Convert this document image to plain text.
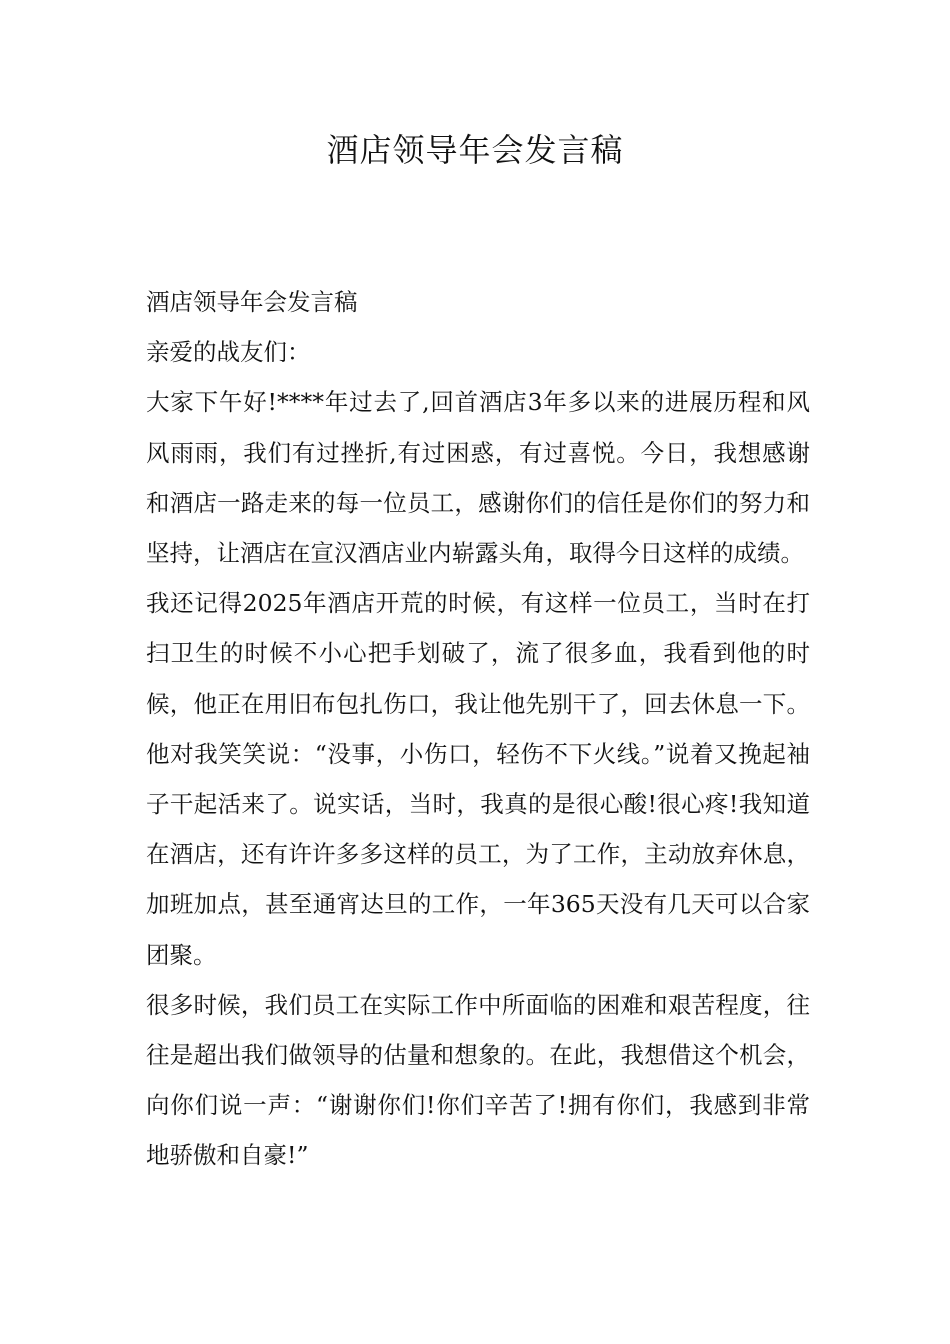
酒店领导年会发言稿

酒店领导年会发言稿

亲爱的战友们：

大家下午好!****年过去了,回首酒店3年多以来的进展历程和风风雨雨，我们有过挫折,有过困惑，有过喜悦。今日，我想感谢和酒店一路走来的每一位员工，感谢你们的信任是你们的努力和坚持，让酒店在宣汉酒店业内崭露头角，取得今日这样的成绩。

我还记得2025年酒店开荒的时候，有这样一位员工，当时在打扫卫生的时候不小心把手划破了，流了很多血，我看到他的时候，他正在用旧布包扎伤口，我让他先别干了，回去休息一下。他对我笑笑说：“没事，小伤口，轻伤不下火线。”说着又挽起袖子干起活来了。说实话，当时，我真的是很心酸!很心疼!我知道在酒店，还有许许多多这样的员工，为了工作，主动放弃休息，加班加点，甚至通宵达旦的工作，一年365天没有几天可以合家团聚。

很多时候，我们员工在实际工作中所面临的困难和艰苦程度，往往是超出我们做领导的估量和想象的。在此，我想借这个机会，向你们说一声：“谢谢你们!你们辛苦了!拥有你们，我感到非常地骄傲和自豪!”
